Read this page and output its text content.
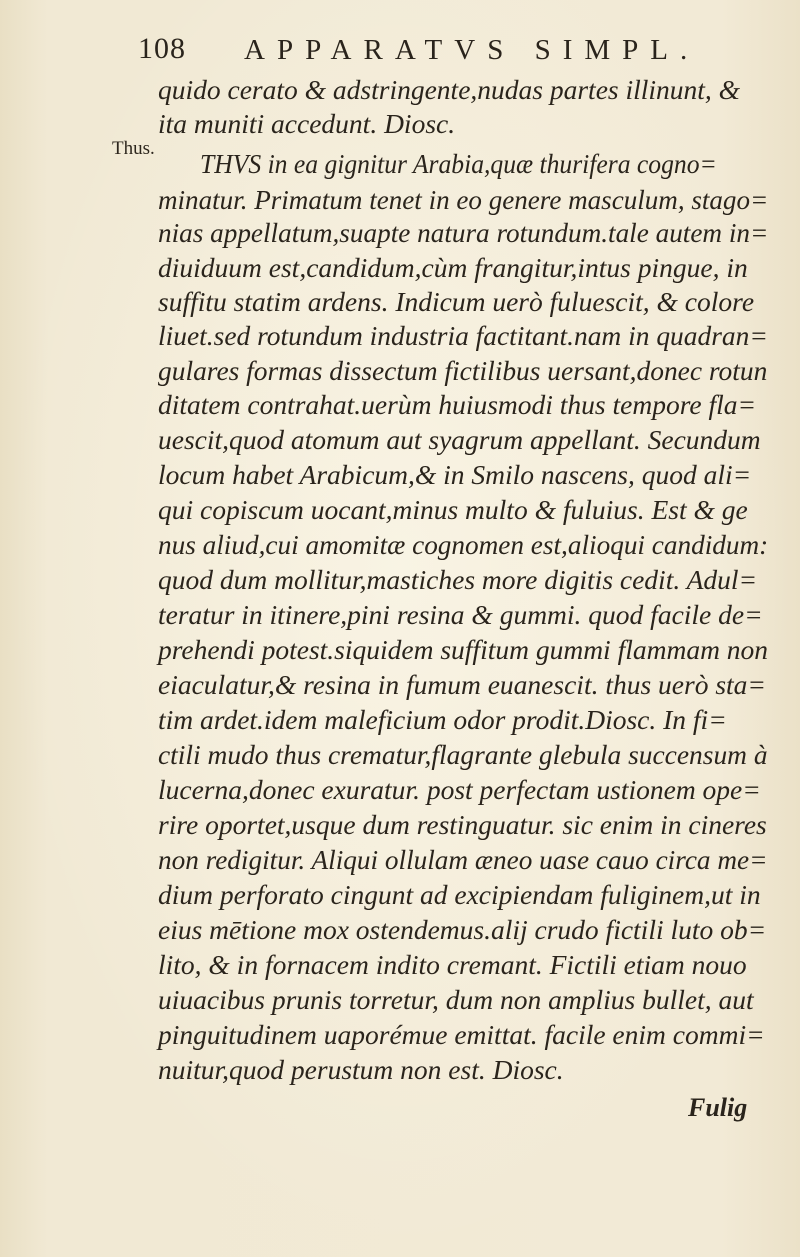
108 APPARATVS SIMPL.
Thus.
quido cerato & adstringente,nudas partes illinunt, &
ita muniti accedunt. Diosc.
THVS in ea gignitur Arabia,quæ thurifera cogno=
minatur. Primatum tenet in eo genere masculum, stago=
nias appellatum,suapte natura rotundum.tale autem in=
diuiduum est,candidum,cùm frangitur,intus pingue, in
suffitu statim ardens. Indicum uerò fuluescit, & colore
liuet.sed rotundum industria factitant.nam in quadran=
gulares formas dissectum fictilibus uersant,donec rotun
ditatem contrahat.uerùm huiusmodi thus tempore fla=
uescit,quod atomum aut syagrum appellant. Secundum
locum habet Arabicum,& in Smilo nascens, quod ali=
qui copiscum uocant,minus multo & fuluius. Est & ge
nus aliud,cui amomitæ cognomen est,alioqui candidum:
quod dum mollitur,mastiches more digitis cedit. Adul=
teratur in itinere,pini resina & gummi. quod facile de=
prehendi potest.siquidem suffitum gummi flammam non
eiaculatur,& resina in fumum euanescit. thus uerò sta=
tim ardet.idem maleficium odor prodit.Diosc. In fi=
ctili mudo thus crematur,flagrante glebula succensum à
lucerna,donec exuratur. post perfectam ustionem ope=
rire oportet,usque dum restinguatur. sic enim in cineres
non redigitur. Aliqui ollulam æneo uase cauo circa me=
dium perforato cingunt ad excipiendam fuliginem,ut in
eius mētione mox ostendemus.alij crudo fictili luto ob=
lito, & in fornacem indito cremant. Fictili etiam nouo
uiuacibus prunis torretur, dum non amplius bullet, aut
pinguitudinem uaporémue emittat. facile enim commi=
nuitur,quod perustum non est. Diosc.
Fulig
